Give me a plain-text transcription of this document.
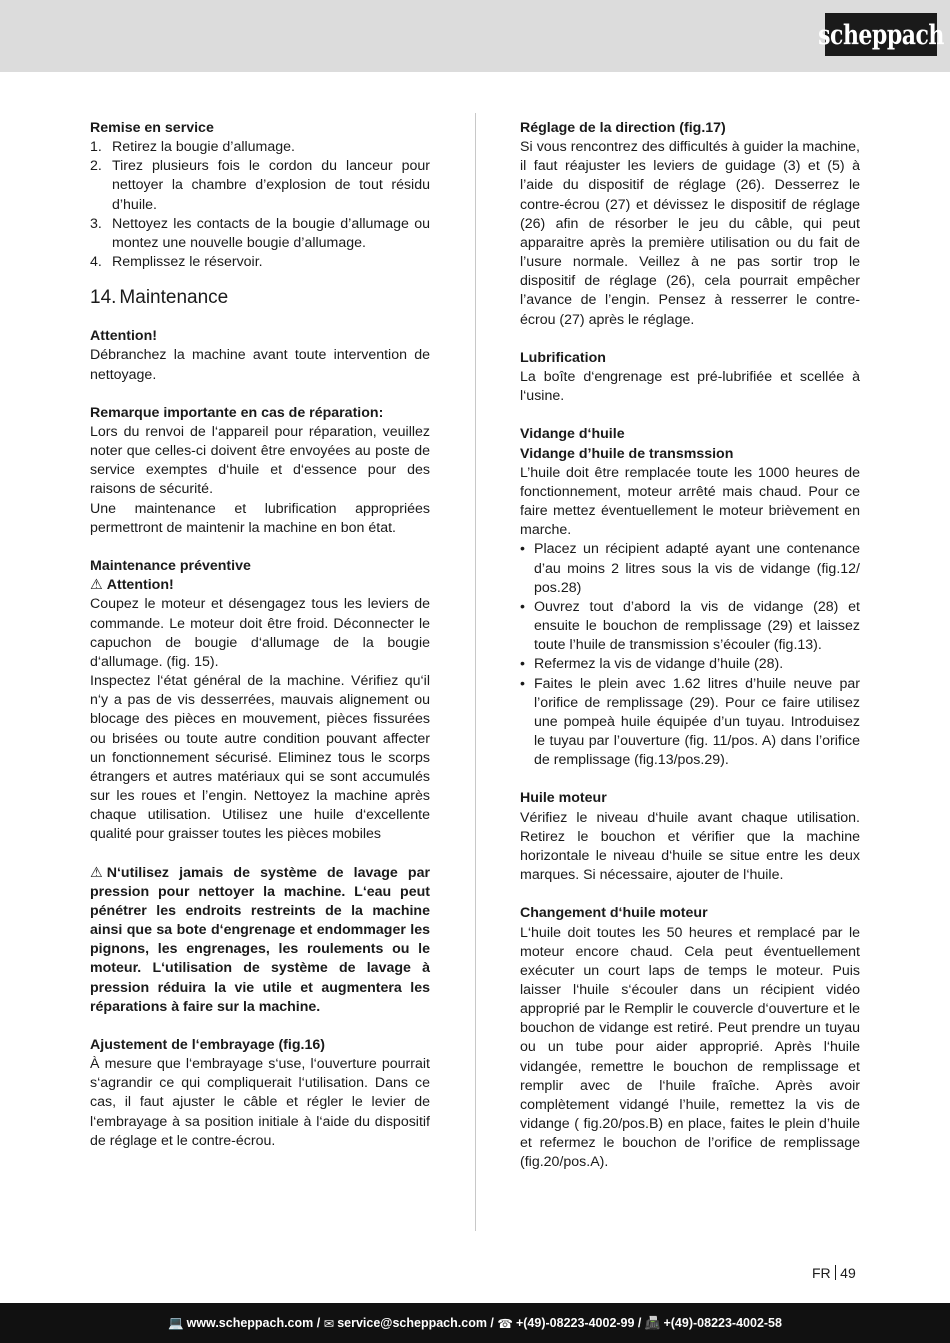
scheppach

Remise en service

1. Retirez la bougie d’allumage.
2. Tirez plusieurs fois le cordon du lanceur pour nettoyer la chambre d’explosion de tout résidu d’huile.
3. Nettoyez les contacts de la bougie d’allumage ou montez une nouvelle bougie d’allumage.
4. Remplissez le réservoir.
14. Maintenance

Attention!

Débranchez la machine avant toute intervention de nettoyage.

Remarque importante en cas de réparation:

Lors du renvoi de l‘appareil pour réparation, veuillez noter que celles-ci doivent être envoyées au poste de service exemptes d‘huile et d‘essence pour des raisons de sécurité.

Une maintenance et lubrification appropriées permettront de maintenir la machine en bon état.

Maintenance préventive

⚠ Attention!

Coupez le moteur et désengagez tous les leviers de commande. Le moteur doit être froid. Déconnecter le capuchon de bougie d‘allumage de la bougie d‘allumage. (fig. 15).

Inspectez l‘état général de la machine. Vérifiez qu‘il n‘y a pas de vis desserrées, mauvais alignement ou blocage des pièces en mouvement, pièces fissurées ou brisées ou toute autre condition pouvant affecter un fonctionnement sécurisé. Eliminez tous le scorps étrangers et autres matériaux qui se sont accumulés sur les roues et l’engin. Nettoyez la machine après chaque utilisation. Utilisez une huile d‘excellente qualité pour graisser toutes les pièces mobiles

⚠ N‘utilisez jamais de système de lavage par pression pour nettoyer la machine. L‘eau peut pénétrer les endroits restreints de la machine ainsi que sa bote d‘engrenage et endommager les pignons, les engrenages, les roulements ou le moteur. L‘utilisation de système de lavage à pression réduira la vie utile et augmentera les réparations à faire sur la machine.

Ajustement de l‘embrayage (fig.16)

À mesure que l‘embrayage s‘use, l‘ouverture pourrait s‘agrandir ce qui compliquerait l‘utilisation. Dans ce cas, il faut ajuster le câble et régler le levier de l‘embrayage à sa position initiale à l‘aide du dispositif de réglage et le contre-écrou.

Réglage de la direction (fig.17)

Si vous rencontrez des difficultés à guider la machine, il faut réajuster les leviers de guidage (3) et (5) à l’aide du dispositif de réglage (26). Desserrez le contre-écrou (27) et dévissez le dispositif de réglage (26) afin de résorber le jeu du câble, qui peut apparaitre après la première utilisation ou du fait de l’usure normale. Veillez à ne pas sortir trop le dispositif de réglage (26), cela pourrait empêcher l’avance de l’engin. Pensez à resserrer le contre-écrou (27) après le réglage.

Lubrification

La boîte d‘engrenage est pré-lubrifiée et scellée à l‘usine.

Vidange d‘huile

Vidange d’huile de transmssion

L’huile doit être remplacée toute les 1000 heures de fonctionnement, moteur arrêté mais chaud. Pour ce faire mettez éventuellement le moteur brièvement en marche.

• Placez un récipient adapté ayant une contenance d’au moins 2 litres sous la vis de vidange (fig.12/ pos.28)
• Ouvrez tout d’abord la vis de vidange (28) et ensuite le bouchon de remplissage (29) et laissez toute l’huile de transmission s’écouler (fig.13).
• Refermez la vis de vidange d’huile (28).
• Faites le plein avec 1.62 litres d’huile neuve par l’orifice de remplissage (29). Pour ce faire utilisez une pompeà huile équipée d’un tuyau. Introduisez le tuyau par l’ouverture (fig. 11/pos. A) dans l’orifice de remplissage (fig.13/pos.29).

Huile moteur

Vérifiez le niveau d‘huile avant chaque utilisation. Retirez le bouchon et vérifier que la machine horizontale le niveau d‘huile se situe entre les deux marques. Si nécessaire, ajouter de l‘huile.

Changement d‘huile moteur

L‘huile doit toutes les 50 heures et remplacé par le moteur encore chaud. Cela peut éventuellement exécuter un court laps de temps le moteur. Puis laisser l‘huile s‘écouler dans un récipient vidéo approprié par le Remplir le couvercle d‘ouverture et le bouchon de vidange est retiré. Peut prendre un tuyau ou un tube pour aider approprié. Après l‘huile vidangée, remettre le bouchon de remplissage et remplir avec de l‘huile fraîche. Après avoir complètement vidangé l’huile, remettez la vis de vidange ( fig.20/pos.B) en place, faites le plein d’huile et refermez le bouchon de l’orifice de remplissage (fig.20/pos.A).

FR 49
💻 www.scheppach.com /
✉ service@scheppach.com /
☎ +(49)-08223-4002-99 /
📠 +(49)-08223-4002-58
